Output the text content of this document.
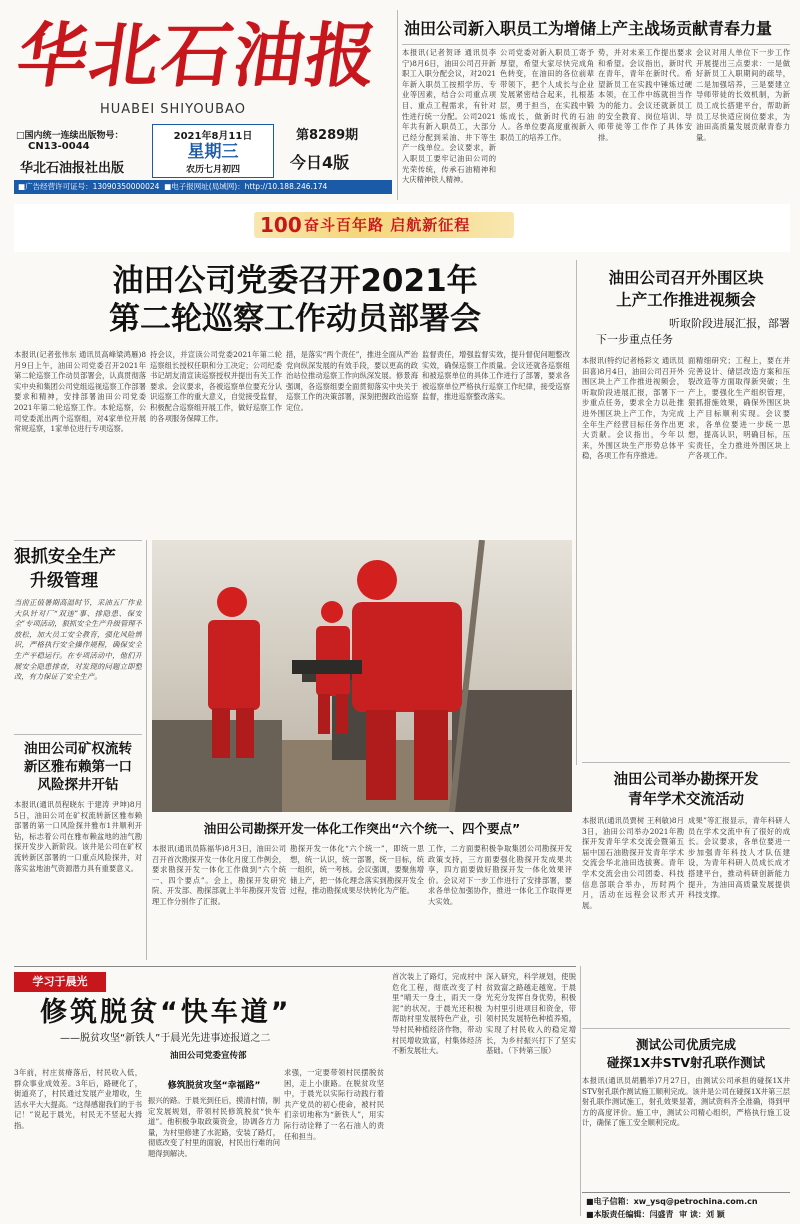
华北石油报
HUABEI SHIYOUBAO
□国内统一连续出版物号：
CN13-0044
华北石油报社出版
2021年8月11日
星期三
农历七月初四
第8289期
今日4版
■广告经营许可证号：13090350000024  ■电子报网址(局域网)：http://10.188.246.174
油田公司新入职员工为增储上产主战场贡献青春力量
本报讯(记者贺译 通讯员李宁)8月6日，油田公司召开新职工入职分配会议，对2021年新入职员工按照学历、专业等因素，结合公司重点项目、重点工程需求，有针对性进行统一分配。公司2021年共有新入职员工，大部分已经分配到采油、井下等生产一线单位。会议要求，新入职员工要牢记油田公司的光荣传统，传承石油精神和大庆精神铁人精神。
公司党委对新入职员工寄予厚望，希望大家尽快完成角色转变，在油田的各位前辈带领下，把个人成长与企业发展紧密结合起来，扎根基层，勇于担当，在实践中锻炼成长，做新时代的石油人。各单位要高度重视新入职员工的培养工作。
势，并对未来工作提出要求和希望。会议指出，新时代在青年，青年在新时代。希望新员工在实践中锤炼过硬本领，在工作中练就担当作为的能力。会议还就新员工的安全教育、岗位培训、导师带徒等工作作了具体安排。
会议对用人单位下一步工作开展提出三点要求：一是做好新员工入职期间的疏导，二是加强培养，三是要建立导师带徒的长效机制，为新员工成长搭建平台，帮助新员工尽快适应岗位要求，为油田高质量发展贡献青春力量。
100 奋斗百年路 启航新征程
油田公司党委召开2021年
第二轮巡察工作动员部署会
本报讯(记者张伟东 通讯员高峰梁鸿雁)8月9日上午，油田公司党委召开2021年第二轮巡察工作动员部署会，认真贯彻落实中央和集团公司党组巡视巡察工作部署要求和精神，安排部署油田公司党委2021年第二轮巡察工作。本轮巡察，公司党委派出两个巡察组，对4家单位开展常规巡察，1家单位进行专项巡察。
持会议，并宣读公司党委2021年第二轮巡察组长授权任职和分工决定；公司纪委书记胡友清宣读巡察授权并提出有关工作要求。会议要求，各被巡察单位要充分认识巡察工作的重大意义，自觉接受监督，积极配合巡察组开展工作，做好巡察工作的各项服务保障工作。
措，是落实“两个责任”，推进全面从严治党向纵深发展的有效手段，要以更高的政治站位推动巡察工作向纵深发展。修景海强调，各巡察组要全面贯彻落实中央关于巡察工作的决策部署，深刻把握政治巡察定位。
监督责任，增强监督实效，提升督促问题整改实效，确保巡察工作质量。会议还就各巡察组和被巡察单位的具体工作进行了部署，要求各被巡察单位严格执行巡察工作纪律，接受巡察监督，推进巡察整改落实。
狠抓安全生产
升级管理
当前正值暑期高温时节，采油五厂作业大队针对厂“双违”事、排隐患、保安全”专项活动，狠抓安全生产升级管理不放松，加大员工安全教育，强化风险辨识，严格执行安全操作规程，确保安全生产平稳运行。在专项活动中，他们开展安全隐患排查，对发现的问题立即整改，有力保证了安全生产。
油田公司矿权流转
新区雅布赖第一口
风险探井开钻
本报讯(通讯员程晓东 于建涛 尹坤)8月5日，油田公司在矿权流转新区雅布赖部署的第一口风险探井雅布1井顺利开钻，标志着公司在雅布赖盆地的油气勘探开发步入新阶段。该井是公司在矿权流转新区部署的一口重点风险探井，对落实盆地油气资源潜力具有重要意义。
油田公司勘探开发一体化工作突出“六个统一、四个要点”
本报讯(通讯员陈福华)8月3日，油田公司召开首次勘探开发一体化月度工作例会，要求勘探开发一体化工作做到“六个统一、四个要点”。会上，勘探开发研究院、开发部、勘探部就上半年勘探开发管理工作分别作了汇报。
勘探开发一体化“六个统一”，即统一思想，统一认识，统一部署，统一目标，统一组织，统一考核。会议强调，要聚焦增储上产，把一体化理念落实到勘探开发全过程，推动勘探成果尽快转化为产能。
工作，二方面要积极争取集团公司勘探开发政策支持，三方面要强化勘探开发成果共享，四方面要做好勘探开发一体化效果评价。会议对下一步工作进行了安排部署，要求各单位加强协作，推进一体化工作取得更大实效。
油田公司召开外围区块
上产工作推进视频会
听取阶段进展汇报，部署
下一步重点任务
本报讯(特约记者杨彩文 通讯员田喜)8月4日，油田公司召开外围区块上产工作推进视频会，听取阶段进展汇报，部署下一步重点任务，要求全力以赴推进外围区块上产工作，为完成全年生产经营目标任务作出更大贡献。会议指出，今年以来，外围区块生产形势总体平稳，各项工作有序推进。
面精细研究；工程上，要在并完善设计、储层改造方案和压裂改造等方面取得新突破；生产上，要强化生产组织管理，狠抓措施效果，确保外围区块上产目标顺利实现。会议要求，各单位要进一步统一思想，提高认识，明确目标，压实责任，全力推进外围区块上产各项工作。
油田公司举办勘探开发
青年学术交流活动
本报讯(通讯员贾树 王利敏)8月3日，油田公司举办2021年勘探开发青年学术交流会暨第五届中国石油勘探开发青年学术交流会华北油田选拔赛。青年学术交流会由公司团委、科技信息部联合举办，历时两个月，活动在远程会议形式开展。
成果”等汇报显示，青年科研人员在学术交流中有了很好的成长。会议要求，各单位要进一步加强青年科技人才队伍建设，为青年科研人员成长成才搭建平台，推动科研创新能力提升，为油田高质量发展提供科技支撑。
学习于晨光
修筑脱贫“快车道”
——脱贫攻坚“新铁人”于晨光先进事迹报道之二
油田公司党委宣传部
3年前，村庄贫瘠落后，村民收入低，群众事业成效差。3年后，路硬化了，街道亮了，村民通过发展产业增收，生活水平大大提高。“这得感谢我们的于书记！”说起于晨光，村民无不竖起大拇指。
修筑脱贫攻坚“幸福路”
振兴的路。于晨光到任后，摸清村情，制定发展规划，带领村民修筑脱贫“快车道”。他积极争取政策资金，协调各方力量，为村里修建了水泥路，安装了路灯，彻底改变了村里的面貌，村民出行难的问题得到解决。
求强，一定要带领村民摆脱贫困，走上小康路。在脱贫攻坚中，于晨光以实际行动践行着共产党员的初心使命，被村民们亲切地称为“新铁人”，用实际行动诠释了一名石油人的责任和担当。
首次装上了路灯，完成村中危化工程，彻底改变了村里“晴天一身土，雨天一身泥”的状况。于晨光还积极帮助村里发展特色产业，引导村民种植经济作物，带动村民增收致富，村集体经济不断发展壮大。
深入研究，科学规划，使脱贫致富之路越走越宽。于晨光充分发挥自身优势，积极为村里引进项目和资金，带领村民发展特色种植养殖，实现了村民收入的稳定增长，为乡村振兴打下了坚实基础。（下转第三版）	测试公司优质完成
碰探1X井STV射孔联作测试
本报讯(通讯员胡鹏举)7月27日，由测试公司承担的碰探1X井STV射孔联作测试施工顺利完成。该井是公司在碰探1X井第三层射孔联作测试施工，射孔效果显著，测试资料齐全准确，得到甲方的高度评价。施工中，测试公司精心组织，严格执行施工设计，确保了施工安全顺利完成。
■电子信箱：xw_ysq@petrochina.com.cn
■本版责任编辑：闫盛青 审 读：刘 颖
